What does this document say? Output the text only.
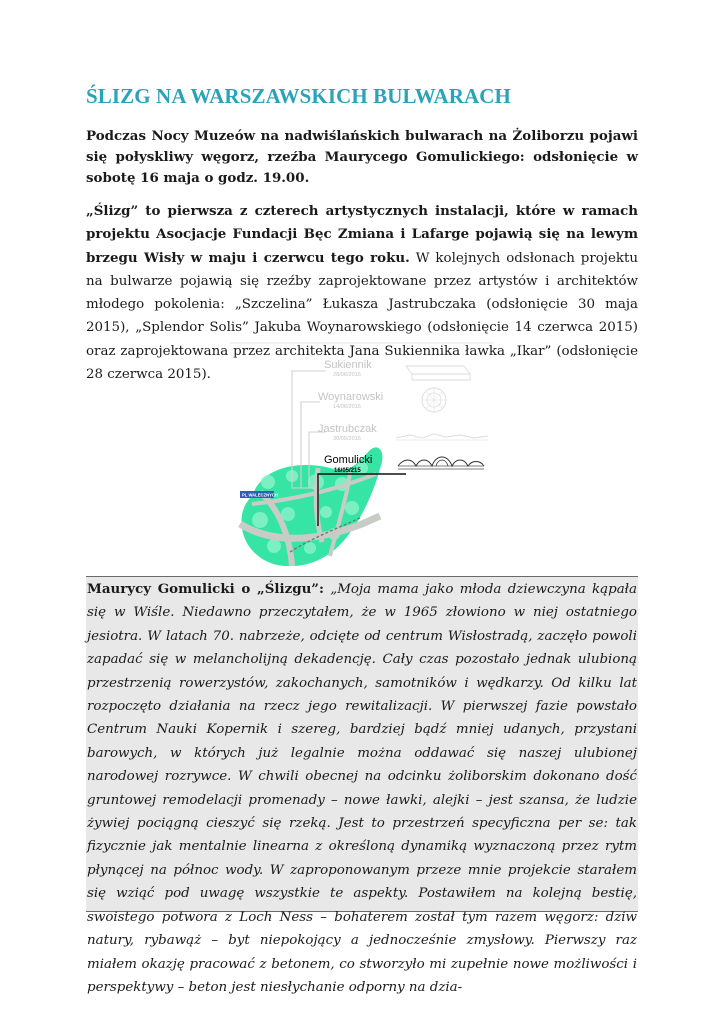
ŚLIZG NA WARSZAWSKICH BULWARACH

Podczas Nocy Muzeów na nadwiślańskich bulwarach na Żoliborzu pojawi się połyskliwy węgorz, rzeźba Maurycego Gomulickiego: odsłonięcie w sobotę 16 maja o godz. 19.00.

„Ślizg” to pierwsza z czterech artystycznych instalacji, które w ramach projektu Asocjacje Fundacji Bęc Zmiana i Lafarge pojawią się na lewym brzegu Wisły w maju i czerwcu tego roku. W kolejnych odsłonach projektu na bulwarze pojawią się rzeźby zaprojektowane przez artystów i architektów młodego pokolenia: „Szczelina” Łukasza Jastrubczaka (odsłonięcie 30 maja 2015), „Splendor Solis” Jakuba Woynarowskiego (odsłonięcie 14 czerwca 2015) oraz zaprojektowana przez architekta Jana Sukiennika ławka „Ikar” (odsłonięcie 28 czerwca 2015).

PL WALECZNYCH
Sukiennik
28/06/2015
Woynarowski
14/06/2015
Jastrubczak
30/05/2015
Gomulicki
16/05/215

Maurycy Gomulicki o „Ślizgu”: „Moja mama jako młoda dziewczyna kąpała się w Wiśle. Niedawno przeczytałem, że w 1965 złowiono w niej ostatniego jesiotra. W latach 70. nabrzeże, odcięte od centrum Wisłostradą, zaczęło powoli zapadać się w melancholijną dekadencję. Cały czas pozostało jednak ulubioną przestrzenią rowerzystów, zakochanych, samotników i wędkarzy. Od kilku lat rozpoczęto działania na rzecz jego rewitalizacji. W pierwszej fazie powstało Centrum Nauki Kopernik i szereg, bardziej bądź mniej udanych, przystani barowych, w których już legalnie można oddawać się naszej ulubionej narodowej rozrywce. W chwili obecnej na odcinku żoliborskim dokonano dość gruntowej remodelacji promenady – nowe ławki, alejki – jest szansa, że ludzie żywiej pociągną cieszyć się rzeką. Jest to przestrzeń specyficzna per se: tak fizycznie jak mentalnie linearna z określoną dynamiką wyznaczoną przez rytm płynącej na północ wody. W zaproponowanym przeze mnie projekcie starałem się wziąć pod uwagę wszystkie te aspekty. Postawiłem na kolejną bestię, swoistego potwora z Loch Ness – bohaterem został tym razem węgorz: dziw natury, rybawąż – byt niepokojący a jednocześnie zmysłowy. Pierwszy raz miałem okazję pracować z betonem, co stworzyło mi zupełnie nowe możliwości i perspektywy – beton jest niesłychanie odporny na dzia-
